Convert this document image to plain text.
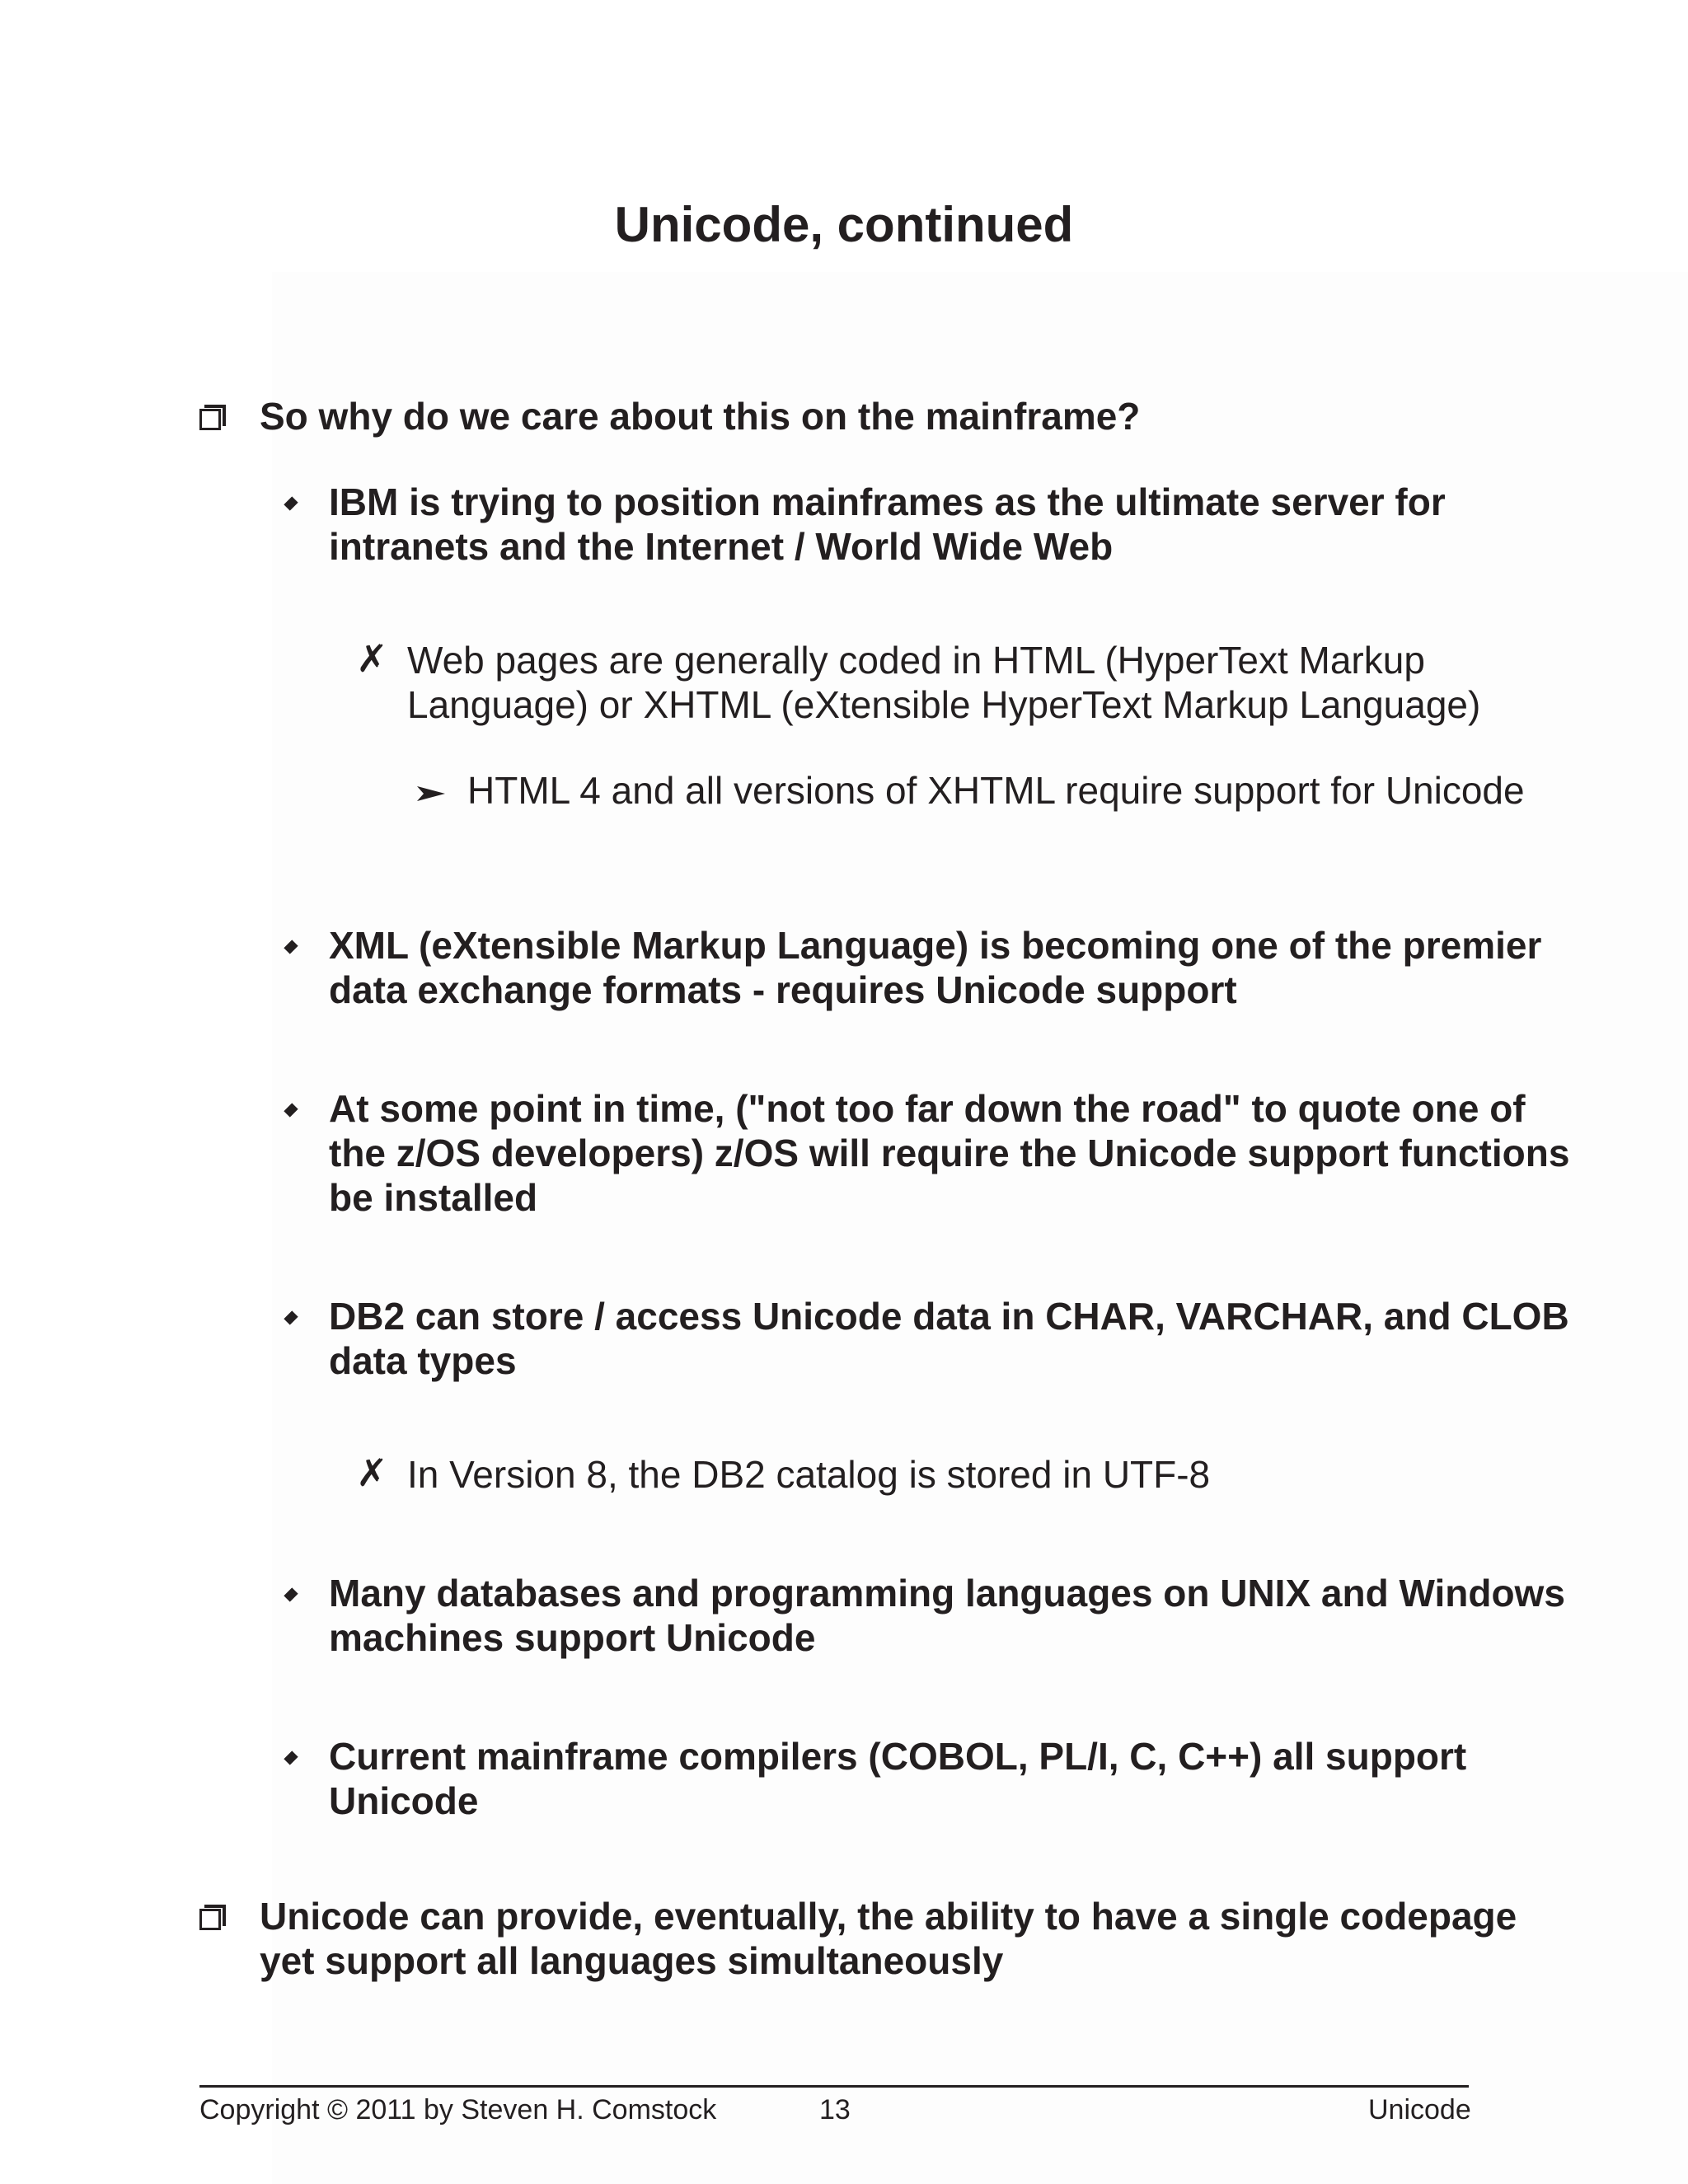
Unicode, continued
So why do we care about this on the mainframe?
IBM is trying to position mainframes as the ultimate server for intranets and the Internet / World Wide Web
✗ Web pages are generally coded in HTML (HyperText Markup Language) or XHTML (eXtensible HyperText Markup Language)
HTML 4 and all versions of XHTML require support for Unicode
XML (eXtensible Markup Language) is becoming one of the premier data exchange formats - requires Unicode support
At some point in time, ("not too far down the road" to quote one of the z/OS developers) z/OS will require the Unicode support functions be installed
DB2 can store / access Unicode data in CHAR, VARCHAR, and CLOB data types
✗ In Version 8, the DB2 catalog is stored in UTF-8
Many databases and programming languages on UNIX and Windows machines support Unicode
Current mainframe compilers (COBOL, PL/I, C, C++) all support Unicode
Unicode can provide, eventually, the ability to have a single codepage yet support all languages simultaneously
Copyright © 2011 by Steven H. Comstock	13	Unicode
